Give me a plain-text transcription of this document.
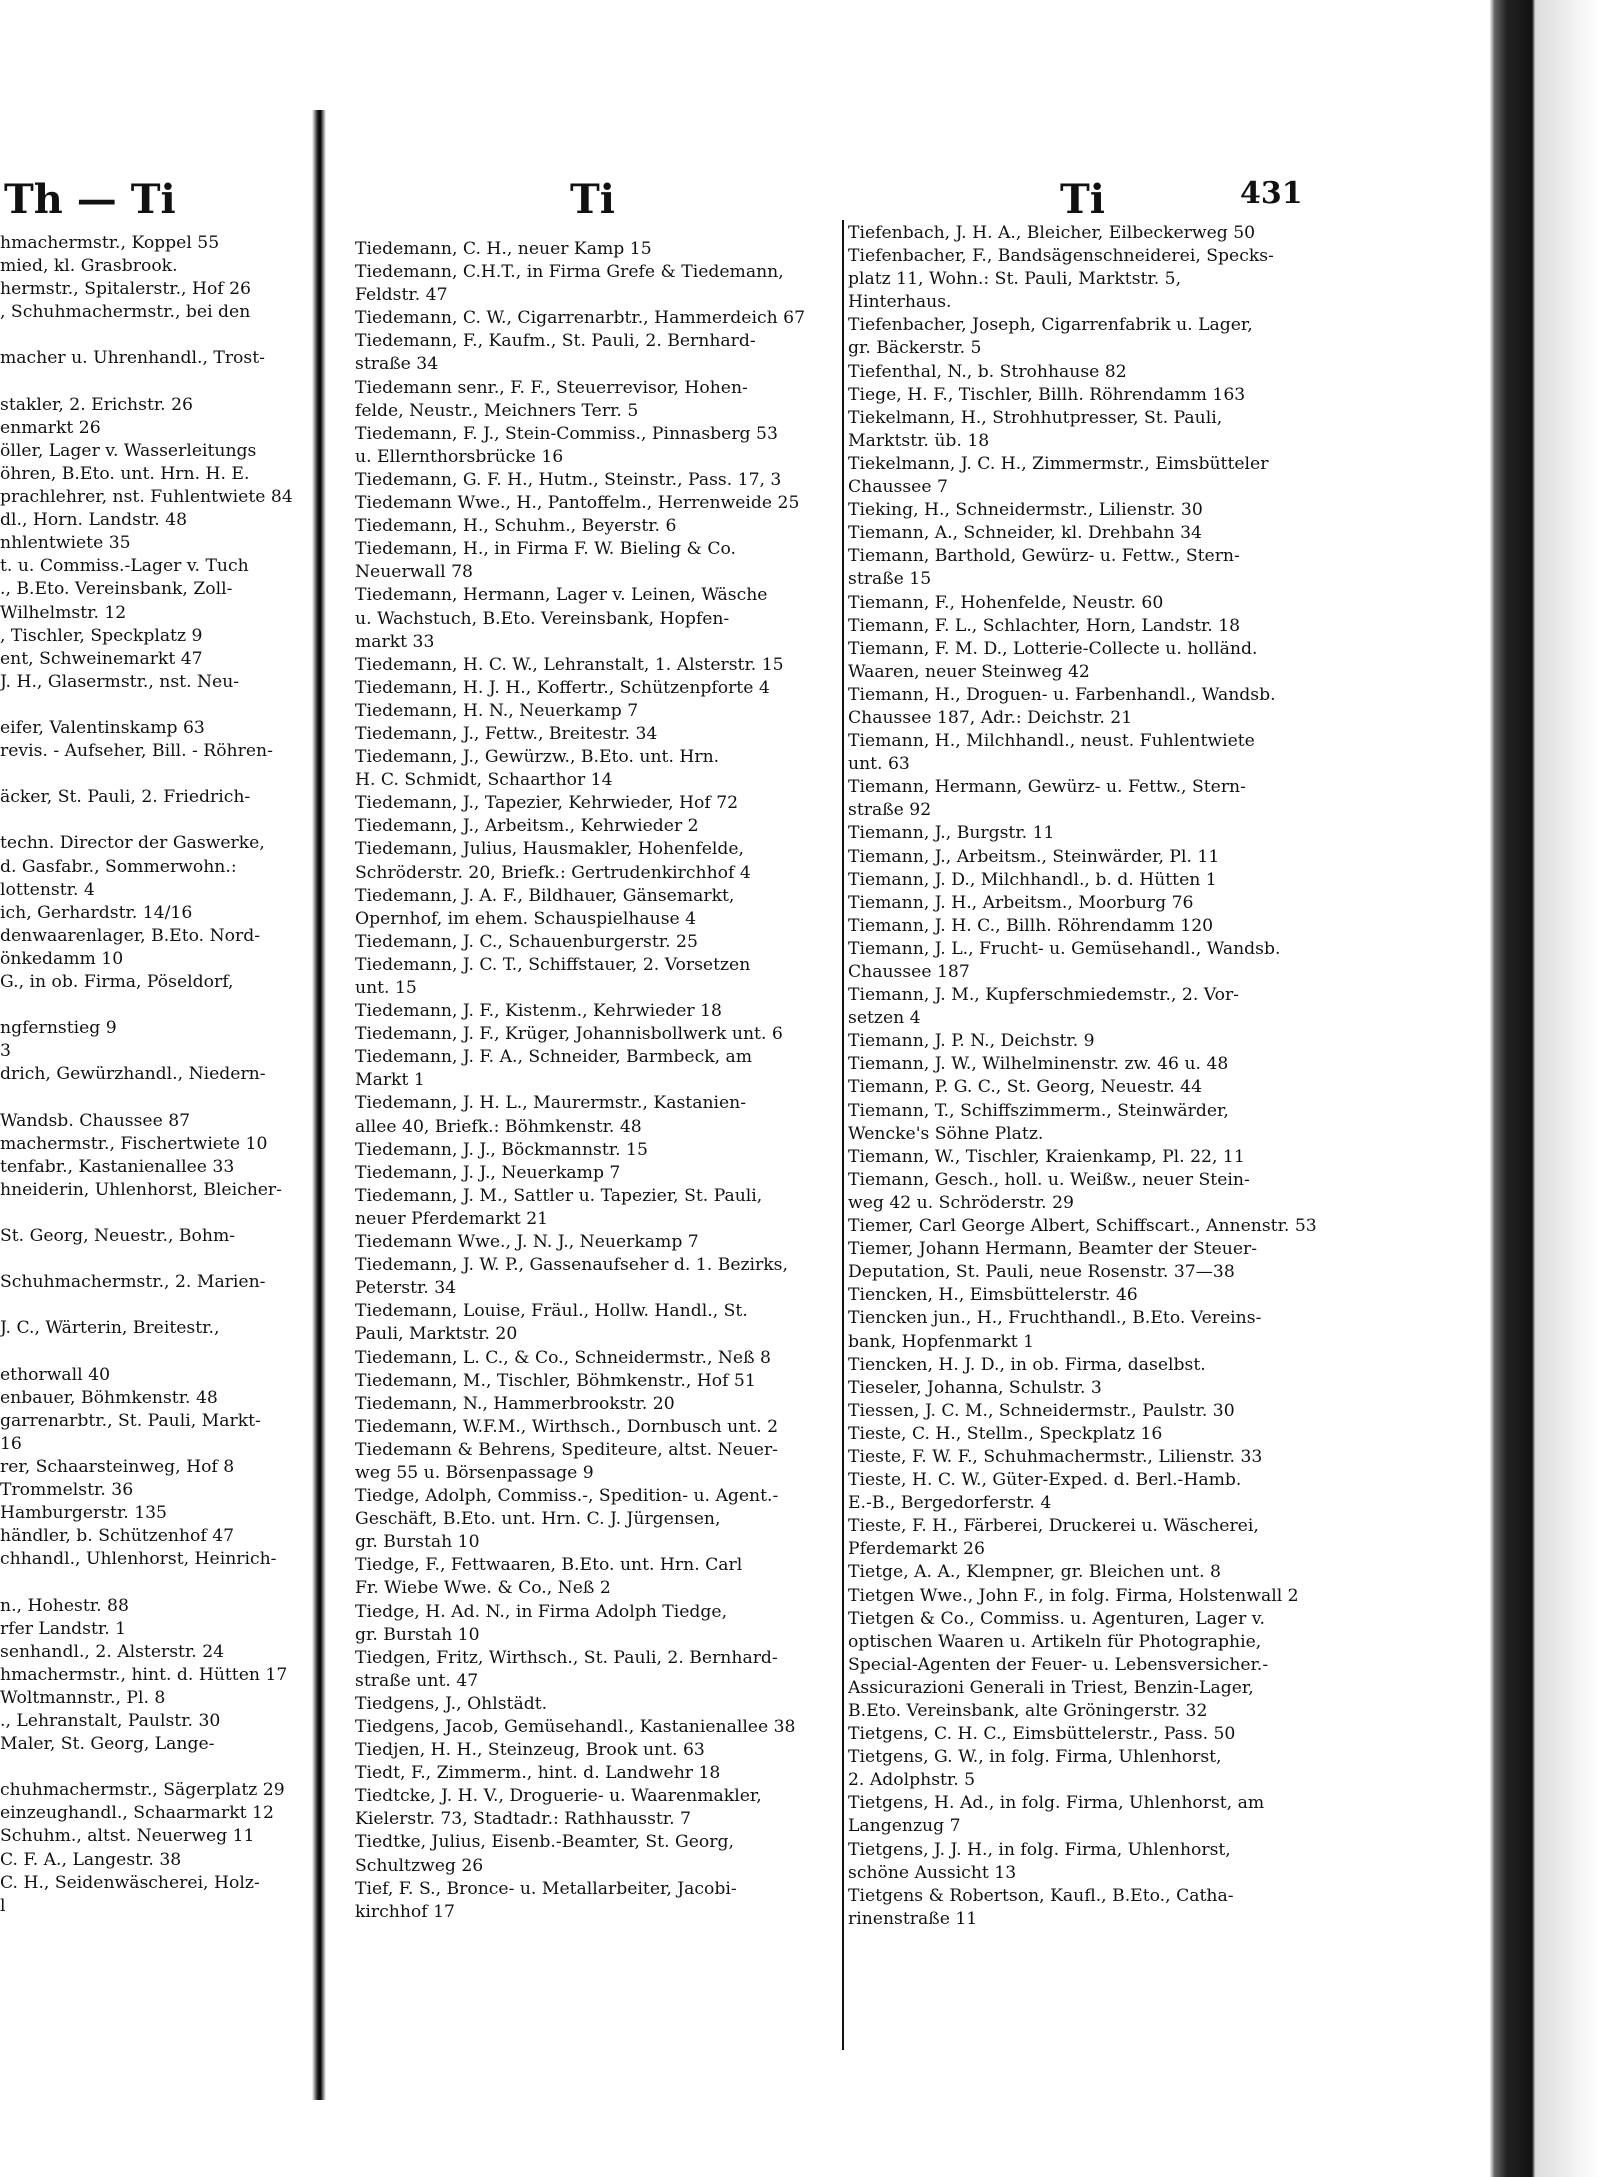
Th — Ti	Ti	Ti	431
hmachermstr., Koppel 55
mied, kl. Grasbrook.
hermstr., Spitalerstr., Hof 26
, Schuhmachermstr., bei den
macher u. Uhrenhandl., Trost-
stakler, 2. Erichstr. 26
enmarkt 26
öller, Lager v. Wasserleitungs
öhren, B.Eto. unt. Hrn. H. E.
prachlehrer, nst. Fuhlentwiete 84
dl., Horn. Landstr. 48
nhlentwiete 35
t. u. Commiss.-Lager v. Tuch
., B.Eto. Vereinsbank, Zoll-
Wilhelmstr. 12
, Tischler, Speckplatz 9
ent, Schweinemarkt 47
J. H., Glasermstr., nst. Neu-
eifer, Valentinskamp 63
revis. - Aufseher, Bill. - Röhren-
äcker, St. Pauli, 2. Friedrich-
techn. Director der Gaswerke,
d. Gasfabr., Sommerwohn.:
lottenstr. 4
ich, Gerhardstr. 14/16
denwaarenlager, B.Eto. Nord-
önkedamm 10
G., in ob. Firma, Pöseldorf,
ngfernstieg 9
3
drich, Gewürzhandl., Niedern-
Wandsb. Chaussee 87
machermstr., Fischertwiete 10
tenfabr., Kastanienallee 33
hneiderin, Uhlenhorst, Bleicher-
St. Georg, Neuestr., Bohm-
Schuhmachermstr., 2. Marien-
J. C., Wärterin, Breitestr.,
ethorwall 40
enbauer, Böhmkenstr. 48
garrenarbtr., St. Pauli, Markt-
16
rer, Schaarsteinweg, Hof 8
Trommelstr. 36
Hamburgerstr. 135
händler, b. Schützenhof 47
chhandl., Uhlenhorst, Heinrich-
n., Hohestr. 88
rfer Landstr. 1
senhandl., 2. Alsterstr. 24
hmachermstr., hint. d. Hütten 17
Woltmannstr., Pl. 8
., Lehranstalt, Paulstr. 30
Maler, St. Georg, Lange-
chuhmachermstr., Sägerplatz 29
einzeughandl., Schaarmarkt 12
Schuhm., altst. Neuerweg 11
C. F. A., Langestr. 38
C. H., Seidenwäscherei, Holz-
l
Tiedemann, C. H., neuer Kamp 15
Tiedemann, C.H.T., in Firma Grefe & Tiedemann,
Feldstr. 47
Tiedemann, C. W., Cigarrenarbtr., Hammerdeich 67
Tiedemann, F., Kaufm., St. Pauli, 2. Bernhard-
straße 34
Tiedemann senr., F. F., Steuerrevisor, Hohen-
felde, Neustr., Meichners Terr. 5
Tiedemann, F. J., Stein-Commiss., Pinnasberg 53
u. Ellernthorsbrücke 16
Tiedemann, G. F. H., Hutm., Steinstr., Pass. 17, 3
Tiedemann Wwe., H., Pantoffelm., Herrenweide 25
Tiedemann, H., Schuhm., Beyerstr. 6
Tiedemann, H., in Firma F. W. Bieling & Co.
Neuerwall 78
Tiedemann, Hermann, Lager v. Leinen, Wäsche
u. Wachstuch, B.Eto. Vereinsbank, Hopfen-
markt 33
Tiedemann, H. C. W., Lehranstalt, 1. Alsterstr. 15
Tiedemann, H. J. H., Koffertr., Schützenpforte 4
Tiedemann, H. N., Neuerkamp 7
Tiedemann, J., Fettw., Breitestr. 34
Tiedemann, J., Gewürzw., B.Eto. unt. Hrn.
H. C. Schmidt, Schaarthor 14
Tiedemann, J., Tapezier, Kehrwieder, Hof 72
Tiedemann, J., Arbeitsm., Kehrwieder 2
Tiedemann, Julius, Hausmakler, Hohenfelde,
Schröderstr. 20, Briefk.: Gertrudenkirchhof 4
Tiedemann, J. A. F., Bildhauer, Gänsemarkt,
Opernhof, im ehem. Schauspielhause 4
Tiedemann, J. C., Schauenburgerstr. 25
Tiedemann, J. C. T., Schiffstauer, 2. Vorsetzen
unt. 15
Tiedemann, J. F., Kistenm., Kehrwieder 18
Tiedemann, J. F., Krüger, Johannisbollwerk unt. 6
Tiedemann, J. F. A., Schneider, Barmbeck, am
Markt 1
Tiedemann, J. H. L., Maurermstr., Kastanien-
allee 40, Briefk.: Böhmkenstr. 48
Tiedemann, J. J., Böckmannstr. 15
Tiedemann, J. J., Neuerkamp 7
Tiedemann, J. M., Sattler u. Tapezier, St. Pauli,
neuer Pferdemarkt 21
Tiedemann Wwe., J. N. J., Neuerkamp 7
Tiedemann, J. W. P., Gassenaufseher d. 1. Bezirks,
Peterstr. 34
Tiedemann, Louise, Fräul., Hollw. Handl., St.
Pauli, Marktstr. 20
Tiedemann, L. C., & Co., Schneidermstr., Neß 8
Tiedemann, M., Tischler, Böhmkenstr., Hof 51
Tiedemann, N., Hammerbrookstr. 20
Tiedemann, W.F.M., Wirthsch., Dornbusch unt. 2
Tiedemann & Behrens, Spediteure, altst. Neuer-
weg 55 u. Börsenpassage 9
Tiedge, Adolph, Commiss.-, Spedition- u. Agent.-
Geschäft, B.Eto. unt. Hrn. C. J. Jürgensen,
gr. Burstah 10
Tiedge, F., Fettwaaren, B.Eto. unt. Hrn. Carl
Fr. Wiebe Wwe. & Co., Neß 2
Tiedge, H. Ad. N., in Firma Adolph Tiedge,
gr. Burstah 10
Tiedgen, Fritz, Wirthsch., St. Pauli, 2. Bernhard-
straße unt. 47
Tiedgens, J., Ohlstädt.
Tiedgens, Jacob, Gemüsehandl., Kastanienallee 38
Tiedjen, H. H., Steinzeug, Brook unt. 63
Tiedt, F., Zimmerm., hint. d. Landwehr 18
Tiedtcke, J. H. V., Droguerie- u. Waarenmakler,
Kielerstr. 73, Stadtadr.: Rathhausstr. 7
Tiedtke, Julius, Eisenb.-Beamter, St. Georg,
Schultzweg 26
Tief, F. S., Bronce- u. Metallarbeiter, Jacobi-
kirchhof 17
Tiefenbach, J. H. A., Bleicher, Eilbeckerweg 50
Tiefenbacher, F., Bandsägenschneiderei, Specks-
platz 11, Wohn.: St. Pauli, Marktstr. 5,
Hinterhaus.
Tiefenbacher, Joseph, Cigarrenfabrik u. Lager,
gr. Bäckerstr. 5
Tiefenthal, N., b. Strohhause 82
Tiege, H. F., Tischler, Billh. Röhrendamm 163
Tiekelmann, H., Strohhutpresser, St. Pauli,
Marktstr. üb. 18
Tiekelmann, J. C. H., Zimmermstr., Eimsbütteler
Chaussee 7
Tieking, H., Schneidermstr., Lilienstr. 30
Tiemann, A., Schneider, kl. Drehbahn 34
Tiemann, Barthold, Gewürz- u. Fettw., Stern-
straße 15
Tiemann, F., Hohenfelde, Neustr. 60
Tiemann, F. L., Schlachter, Horn, Landstr. 18
Tiemann, F. M. D., Lotterie-Collecte u. holländ.
Waaren, neuer Steinweg 42
Tiemann, H., Droguen- u. Farbenhandl., Wandsb.
Chaussee 187, Adr.: Deichstr. 21
Tiemann, H., Milchhandl., neust. Fuhlentwiete
unt. 63
Tiemann, Hermann, Gewürz- u. Fettw., Stern-
straße 92
Tiemann, J., Burgstr. 11
Tiemann, J., Arbeitsm., Steinwärder, Pl. 11
Tiemann, J. D., Milchhandl., b. d. Hütten 1
Tiemann, J. H., Arbeitsm., Moorburg 76
Tiemann, J. H. C., Billh. Röhrendamm 120
Tiemann, J. L., Frucht- u. Gemüsehandl., Wandsb.
Chaussee 187
Tiemann, J. M., Kupferschmiedemstr., 2. Vor-
setzen 4
Tiemann, J. P. N., Deichstr. 9
Tiemann, J. W., Wilhelminenstr. zw. 46 u. 48
Tiemann, P. G. C., St. Georg, Neuestr. 44
Tiemann, T., Schiffszimmerm., Steinwärder,
Wencke's Söhne Platz.
Tiemann, W., Tischler, Kraienkamp, Pl. 22, 11
Tiemann, Gesch., holl. u. Weißw., neuer Stein-
weg 42 u. Schröderstr. 29
Tiemer, Carl George Albert, Schiffscart., Annenstr. 53
Tiemer, Johann Hermann, Beamter der Steuer-
Deputation, St. Pauli, neue Rosenstr. 37—38
Tiencken, H., Eimsbüttelerstr. 46
Tiencken jun., H., Fruchthandl., B.Eto. Vereins-
bank, Hopfenmarkt 1
Tiencken, H. J. D., in ob. Firma, daselbst.
Tieseler, Johanna, Schulstr. 3
Tiessen, J. C. M., Schneidermstr., Paulstr. 30
Tieste, C. H., Stellm., Speckplatz 16
Tieste, F. W. F., Schuhmachermstr., Lilienstr. 33
Tieste, H. C. W., Güter-Exped. d. Berl.-Hamb.
E.-B., Bergedorferstr. 4
Tieste, F. H., Färberei, Druckerei u. Wäscherei,
Pferdemarkt 26
Tietge, A. A., Klempner, gr. Bleichen unt. 8
Tietgen Wwe., John F., in folg. Firma, Holstenwall 2
Tietgen & Co., Commiss. u. Agenturen, Lager v.
optischen Waaren u. Artikeln für Photographie,
Special-Agenten der Feuer- u. Lebensversicher.-
Assicurazioni Generali in Triest, Benzin-Lager,
B.Eto. Vereinsbank, alte Gröningerstr. 32
Tietgens, C. H. C., Eimsbüttelerstr., Pass. 50
Tietgens, G. W., in folg. Firma, Uhlenhorst,
2. Adolphstr. 5
Tietgens, H. Ad., in folg. Firma, Uhlenhorst, am
Langenzug 7
Tietgens, J. J. H., in folg. Firma, Uhlenhorst,
schöne Aussicht 13
Tietgens & Robertson, Kaufl., B.Eto., Catha-
rinenstraße 11
